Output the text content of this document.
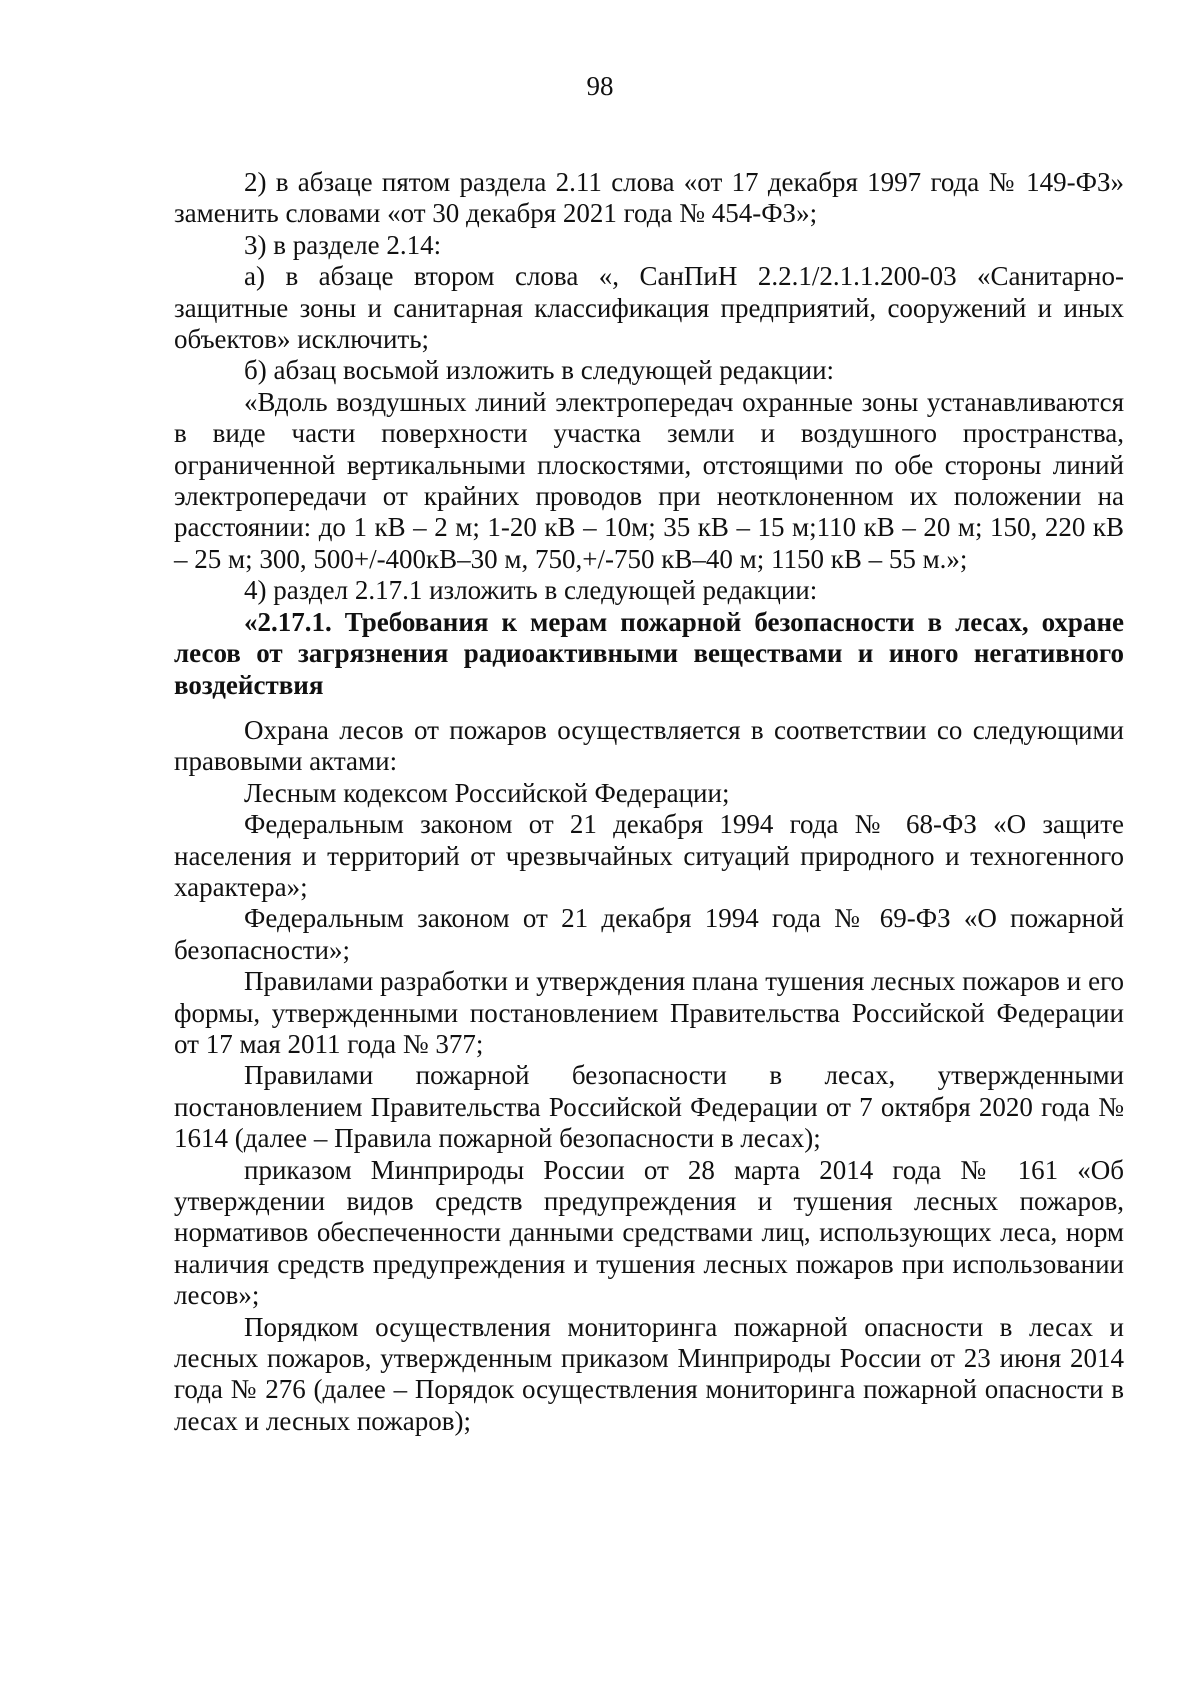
98

2) в абзаце пятом раздела 2.11 слова «от 17 декабря 1997 года № 149-ФЗ» заменить словами «от 30 декабря 2021 года № 454-ФЗ»;

3) в разделе 2.14:

а) в абзаце втором слова «, СанПиН 2.2.1/2.1.1.200-03 «Санитарно-защитные зоны и санитарная классификация предприятий, сооружений и иных объектов» исключить;

б) абзац восьмой изложить в следующей редакции:

«Вдоль воздушных линий электропередач охранные зоны устанавливаются в виде части поверхности участка земли и воздушного пространства, ограниченной вертикальными плоскостями, отстоящими по обе стороны линий электропередачи от крайних проводов при неотклоненном их положении на расстоянии: до 1 кВ – 2 м; 1-20 кВ – 10м; 35 кВ – 15 м;110 кВ – 20 м; 150, 220 кВ – 25 м; 300, 500+/-400кВ–30 м, 750,+/-750 кВ–40 м; 1150 кВ – 55 м.»;

4) раздел 2.17.1 изложить в следующей редакции:

«2.17.1. Требования к мерам пожарной безопасности в лесах, охране лесов от загрязнения радиоактивными веществами и иного негативного воздействия

Охрана лесов от пожаров осуществляется в соответствии со следующими правовыми актами:

Лесным кодексом Российской Федерации;

Федеральным законом от 21 декабря 1994 года № 68-ФЗ «О защите населения и территорий от чрезвычайных ситуаций природного и техногенного характера»;

Федеральным законом от 21 декабря 1994 года № 69-ФЗ «О пожарной безопасности»;

Правилами разработки и утверждения плана тушения лесных пожаров и его формы, утвержденными постановлением Правительства Российской Федерации от 17 мая 2011 года № 377;

Правилами пожарной безопасности в лесах, утвержденными постановлением Правительства Российской Федерации от 7 октября 2020 года № 1614 (далее – Правила пожарной безопасности в лесах);

приказом Минприроды России от 28 марта 2014 года № 161 «Об утверждении видов средств предупреждения и тушения лесных пожаров, нормативов обеспеченности данными средствами лиц, использующих леса, норм наличия средств предупреждения и тушения лесных пожаров при использовании лесов»;

Порядком осуществления мониторинга пожарной опасности в лесах и лесных пожаров, утвержденным приказом Минприроды России от 23 июня 2014 года № 276 (далее – Порядок осуществления мониторинга пожарной опасности в лесах и лесных пожаров);
